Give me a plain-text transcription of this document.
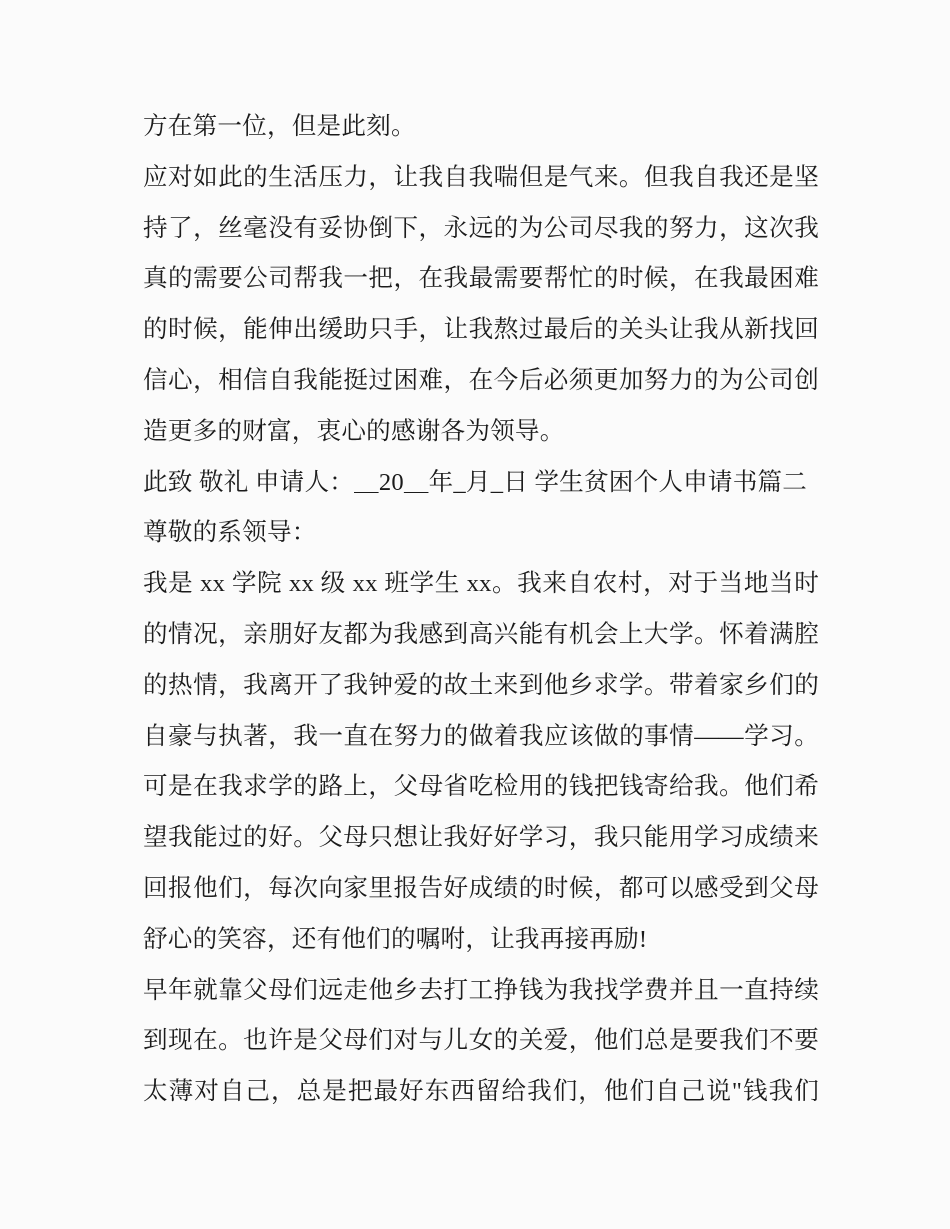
方在第一位，但是此刻。
应对如此的生活压力，让我自我喘但是气来。但我自我还是坚
持了，丝毫没有妥协倒下，永远的为公司尽我的努力，这次我
真的需要公司帮我一把，在我最需要帮忙的时候，在我最困难
的时候，能伸出缓助只手，让我熬过最后的关头让我从新找回
信心，相信自我能挺过困难，在今后必须更加努力的为公司创
造更多的财富，衷心的感谢各为领导。
此致 敬礼 申请人：＿20＿年_月_日 学生贫困个人申请书篇二
尊敬的系领导：
我是 xx 学院 xx 级 xx 班学生 xx。我来自农村，对于当地当时
的情况，亲朋好友都为我感到高兴能有机会上大学。怀着满腔
的热情，我离开了我钟爱的故土来到他乡求学。带着家乡们的
自豪与执著，我一直在努力的做着我应该做的事情——学习。
可是在我求学的路上，父母省吃检用的钱把钱寄给我。他们希
望我能过的好。父母只想让我好好学习，我只能用学习成绩来
回报他们，每次向家里报告好成绩的时候，都可以感受到父母
舒心的笑容，还有他们的嘱咐，让我再接再励!
早年就靠父母们远走他乡去打工挣钱为我找学费并且一直持续
到现在。也许是父母们对与儿女的关爱，他们总是要我们不要
太薄对自己，总是把最好东西留给我们，他们自己说"钱我们
